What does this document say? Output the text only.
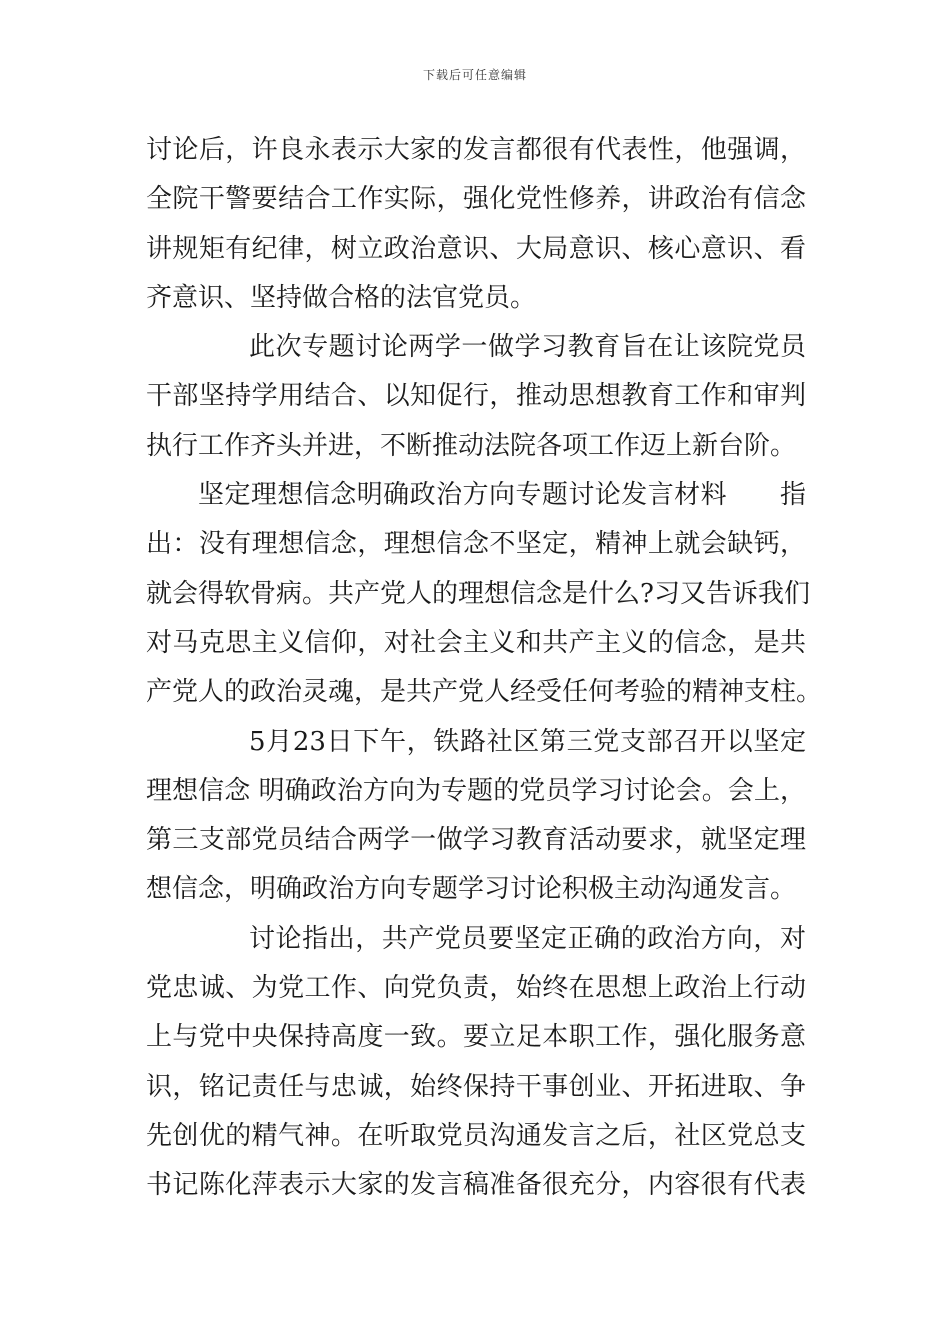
下载后可任意编辑
讨论后，许良永表示大家的发言都很有代表性，他强调，
全院干警要结合工作实际，强化党性修养，讲政治有信念
讲规矩有纪律，树立政治意识、大局意识、核心意识、看
齐意识、坚持做合格的法官党员。
此次专题讨论两学一做学习教育旨在让该院党员
干部坚持学用结合、以知促行，推动思想教育工作和审判
执行工作齐头并进，不断推动法院各项工作迈上新台阶。
坚定理想信念明确政治方向专题讨论发言材料　　指
出：没有理想信念，理想信念不坚定，精神上就会缺钙，
就会得软骨病。共产党人的理想信念是什么?习又告诉我们
对马克思主义信仰，对社会主义和共产主义的信念，是共
产党人的政治灵魂，是共产党人经受任何考验的精神支柱。
5月23日下午，铁路社区第三党支部召开以坚定
理想信念 明确政治方向为专题的党员学习讨论会。会上，
第三支部党员结合两学一做学习教育活动要求，就坚定理
想信念，明确政治方向专题学习讨论积极主动沟通发言。
讨论指出，共产党员要坚定正确的政治方向，对
党忠诚、为党工作、向党负责，始终在思想上政治上行动
上与党中央保持高度一致。要立足本职工作，强化服务意
识，铭记责任与忠诚，始终保持干事创业、开拓进取、争
先创优的精气神。在听取党员沟通发言之后，社区党总支
书记陈化萍表示大家的发言稿准备很充分，内容很有代表
